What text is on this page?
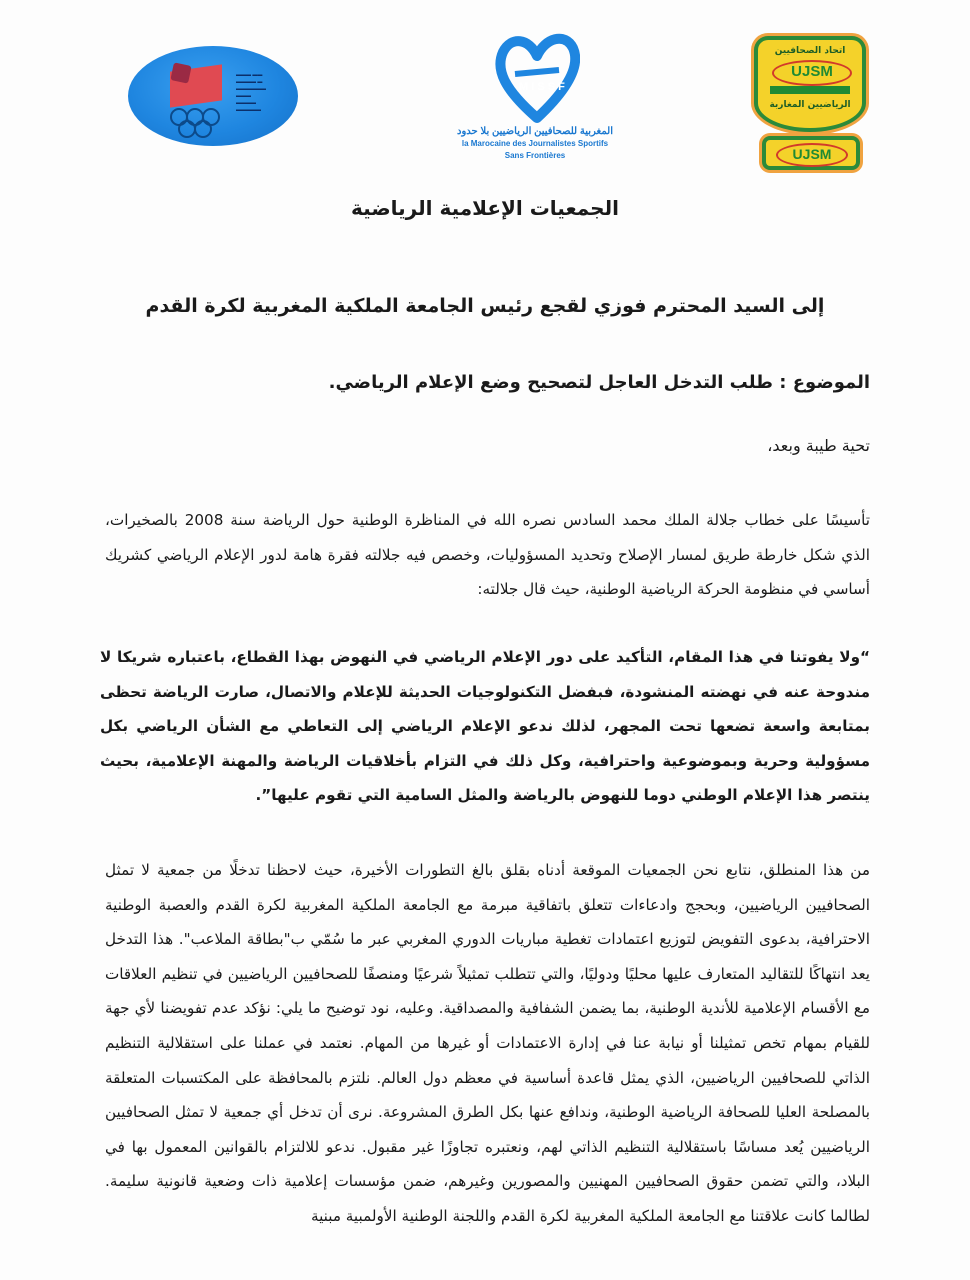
▬▬▬ ▬▬
▬▬▬▬ ▬
▬▬▬▬▬▬
▬▬▬
▬▬▬▬
▬▬▬▬▬
M I S S F
المغربية للصحافيين الرياضيين بلا حدود
la Marocaine des Journalistes Sportifs
Sans Frontières
اتحاد الصحافيين
UJSM
الرياضيين المغاربة
UJSM
الجمعيات الإعلامية الرياضية
إلى السيد المحترم فوزي لقجع رئيس الجامعة الملكية المغربية لكرة القدم
الموضوع : طلب التدخل العاجل لتصحيح وضع الإعلام الرياضي.
تحية طيبة وبعد،
تأسيسًا على خطاب جلالة الملك محمد السادس نصره الله في المناظرة الوطنية حول الرياضة سنة 2008 بالصخيرات، الذي شكل خارطة طريق لمسار الإصلاح وتحديد المسؤوليات، وخصص فيه جلالته فقرة هامة لدور الإعلام الرياضي كشريك أساسي في منظومة الحركة الرياضية الوطنية، حيث قال جلالته:
“ولا يفوتنا في هذا المقام، التأكيد على دور الإعلام الرياضي في النهوض بهذا القطاع، باعتباره شريكا لا مندوحة عنه في نهضته المنشودة، فبفضل التكنولوجيات الحديثة للإعلام والاتصال، صارت الرياضة تحظى بمتابعة واسعة تضعها تحت المجهر، لذلك ندعو الإعلام الرياضي إلى التعاطي مع الشأن الرياضي بكل مسؤولية وحرية وبموضوعية واحترافية، وكل ذلك في التزام بأخلاقيات الرياضة والمهنة الإعلامية، بحيث ينتصر هذا الإعلام الوطني دوما للنهوض بالرياضة والمثل السامية التي تقوم عليها”.
من هذا المنطلق، نتابع نحن الجمعيات الموقعة أدناه بقلق بالغ التطورات الأخيرة، حيث لاحظنا تدخلًا من جمعية لا تمثل الصحافيين الرياضيين، وبحجج وادعاءات تتعلق باتفاقية مبرمة مع الجامعة الملكية المغربية لكرة القدم والعصبة الوطنية الاحترافية، بدعوى التفويض لتوزيع اعتمادات تغطية مباريات الدوري المغربي عبر ما سُمّي ب"بطاقة الملاعب". هذا التدخل يعد انتهاكًا للتقاليد المتعارف عليها محليًا ودوليًا، والتي تتطلب تمثيلاً شرعيًا ومنصفًا للصحافيين الرياضيين في تنظيم العلاقات مع الأقسام الإعلامية للأندية الوطنية، بما يضمن الشفافية والمصداقية. وعليه، نود توضيح ما يلي: نؤكد عدم تفويضنا لأي جهة للقيام بمهام تخص تمثيلنا أو نيابة عنا في إدارة الاعتمادات أو غيرها من المهام. نعتمد في عملنا على استقلالية التنظيم الذاتي للصحافيين الرياضيين، الذي يمثل قاعدة أساسية في معظم دول العالم. نلتزم بالمحافظة على المكتسبات المتعلقة بالمصلحة العليا للصحافة الرياضية الوطنية، وندافع عنها بكل الطرق المشروعة. نرى أن تدخل أي جمعية لا تمثل الصحافيين الرياضيين يُعد مساسًا باستقلالية التنظيم الذاتي لهم، ونعتبره تجاوزًا غير مقبول. ندعو للالتزام بالقوانين المعمول بها في البلاد، والتي تضمن حقوق الصحافيين المهنيين والمصورين وغيرهم، ضمن مؤسسات إعلامية ذات وضعية قانونية سليمة. لطالما كانت علاقتنا مع الجامعة الملكية المغربية لكرة القدم واللجنة الوطنية الأولمبية مبنية
